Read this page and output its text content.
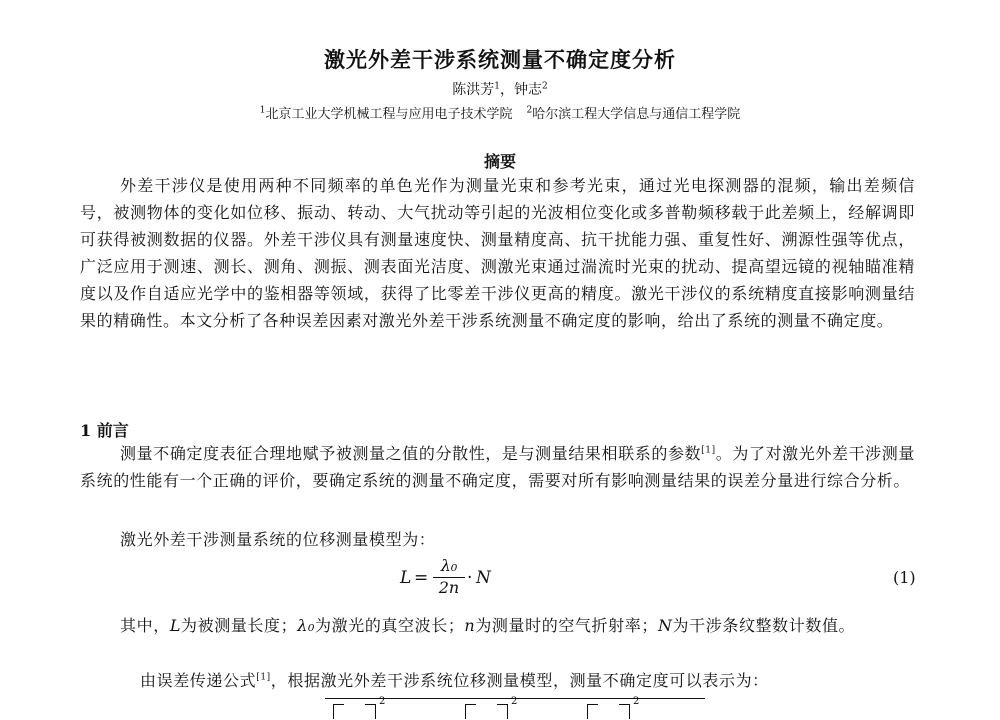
激光外差干涉系统测量不确定度分析
陈洪芳$^1$，钟志$^2$
$^1$北京工业大学机械工程与应用电子技术学院 $^2$哈尔滨工程大学信息与通信工程学院
摘要
外差干涉仪是使用两种不同频率的单色光作为测量光束和参考光束，通过光电探测器的混频，输出差频信号，被测物体的变化如位移、振动、转动、大气扰动等引起的光波相位变化或多普勒频移载于此差频上，经解调即可获得被测数据的仪器。外差干涉仪具有测量速度快、测量精度高、抗干扰能力强、重复性好、溯源性强等优点，广泛应用于测速、测长、测角、测振、测表面光洁度、测激光束通过湍流时光束的扰动、提高望远镜的视轴瞄准精度以及作自适应光学中的鉴相器等领域，获得了比零差干涉仪更高的精度。激光干涉仪的系统精度直接影响测量结果的精确性。本文分析了各种误差因素对激光外差干涉系统测量不确定度的影响，给出了系统的测量不确定度。
1 前言
测量不确定度表征合理地赋予被测量之值的分散性，是与测量结果相联系的参数[1]。为了对激光外差干涉测量系统的性能有一个正确的评价，要确定系统的测量不确定度，需要对所有影响测量结果的误差分量进行综合分析。
激光外差干涉测量系统的位移测量模型为：
L =
λ₀
2n · N	(1)
其中，L为被测量长度；λ₀为激光的真空波长；n为测量时的空气折射率；N为干涉条纹整数计数值。
由误差传递公式[1]，根据激光外差干涉系统位移测量模型，测量不确定度可以表示为：
2	2	2
